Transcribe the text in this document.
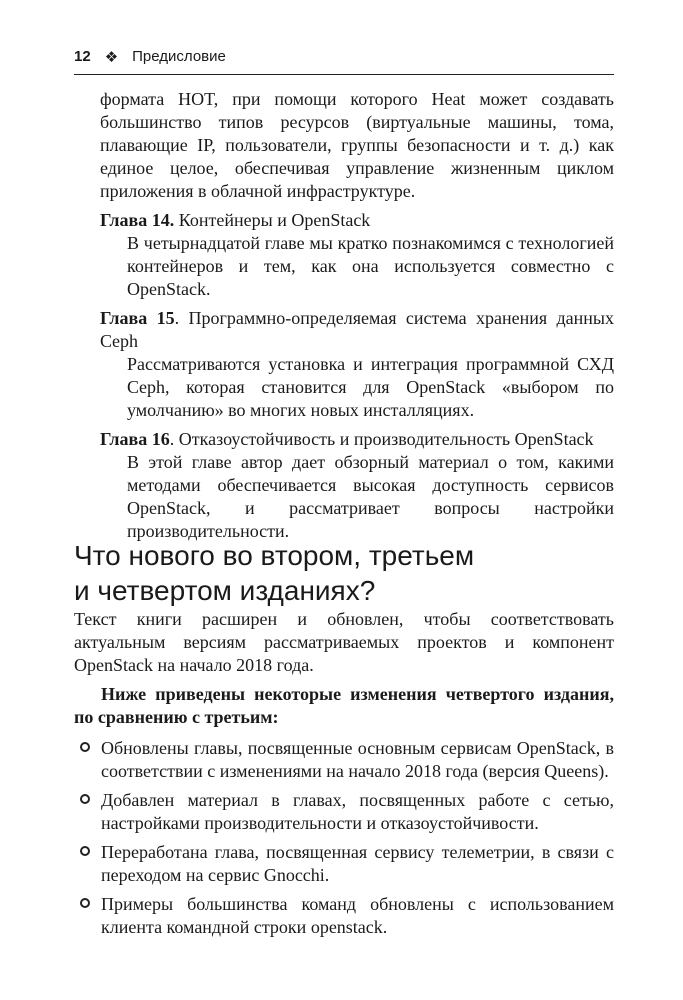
12 ❖ Предисловие
формата HOT, при помощи которого Heat может создавать большинство типов ресурсов (виртуальные машины, тома, плавающие IP, пользователи, группы безопасности и т. д.) как единое целое, обеспечивая управление жизненным циклом приложения в облачной инфраструктуре.
Глава 14. Контейнеры и OpenStack
В четырнадцатой главе мы кратко познакомимся с технологией контейнеров и тем, как она используется совместно с OpenStack.
Глава 15. Программно-определяемая система хранения данных Ceph
Рассматриваются установка и интеграция программной СХД Ceph, которая становится для OpenStack «выбором по умолчанию» во многих новых инсталляциях.
Глава 16. Отказоустойчивость и производительность OpenStack
В этой главе автор дает обзорный материал о том, какими методами обеспечивается высокая доступность сервисов OpenStack, и рассматривает вопросы настройки производительности.
Что нового во втором, третьем
и четвертом изданиях?
Текст книги расширен и обновлен, чтобы соответствовать актуальным версиям рассматриваемых проектов и компонент OpenStack на начало 2018 года.
Ниже приведены некоторые изменения четвертого издания, по сравнению с третьим:
Обновлены главы, посвященные основным сервисам OpenStack, в соответствии с изменениями на начало 2018 года (версия Queens).
Добавлен материал в главах, посвященных работе с сетью, настройками производительности и отказоустойчивости.
Переработана глава, посвященная сервису телеметрии, в связи с переходом на сервис Gnocchi.
Примеры большинства команд обновлены с использованием клиента командной строки openstack.
